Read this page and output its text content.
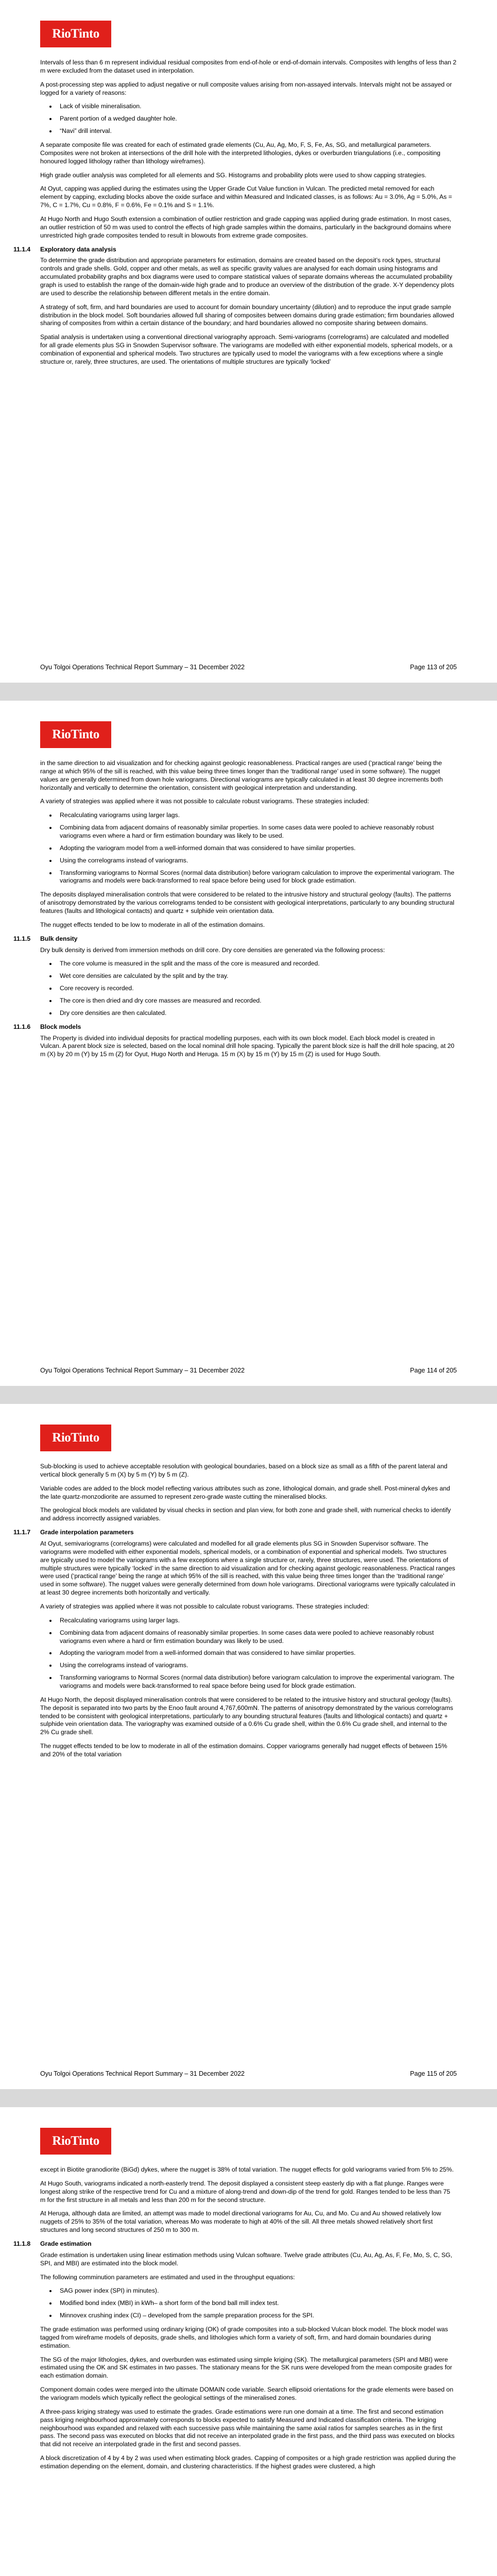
RioTinto

Intervals of less than 6 m represent individual residual composites from end-of-hole or end-of-domain intervals. Composites with lengths of less than 2 m were excluded from the dataset used in interpolation.

A post-processing step was applied to adjust negative or null composite values arising from non-assayed intervals. Intervals might not be assayed or logged for a variety of reasons:

• Lack of visible mineralisation.
• Parent portion of a wedged daughter hole.
• “Navi” drill interval.

A separate composite file was created for each of estimated grade elements (Cu, Au, Ag, Mo, F, S, Fe, As, SG, and metallurgical parameters. Composites were not broken at intersections of the drill hole with the interpreted lithologies, dykes or overburden triangulations (i.e., compositing honoured logged lithology rather than lithology wireframes).

High grade outlier analysis was completed for all elements and SG. Histograms and probability plots were used to show capping strategies.

At Oyut, capping was applied during the estimates using the Upper Grade Cut Value function in Vulcan. The predicted metal removed for each element by capping, excluding blocks above the oxide surface and within Measured and Indicated classes, is as follows: Au = 3.0%, Ag = 5.0%, As = 7%, C = 1.7%, Cu = 0.8%, F = 0.6%, Fe = 0.1% and S = 1.1%.

At Hugo North and Hugo South extension a combination of outlier restriction and grade capping was applied during grade estimation. In most cases, an outlier restriction of 50 m was used to control the effects of high grade samples within the domains, particularly in the background domains where unrestricted high grade composites tended to result in blowouts from extreme grade composites.

11.1.4	Exploratory data analysis

To determine the grade distribution and appropriate parameters for estimation, domains are created based on the deposit’s rock types, structural controls and grade shells. Gold, copper and other metals, as well as specific gravity values are analysed for each domain using histograms and accumulated probability graphs and box diagrams were used to compare statistical values of separate domains whereas the accumulated probability graph is used to establish the range of the domain-wide high grade and to produce an overview of the distribution of the grade. X-Y dependency plots are used to describe the relationship between different metals in the entire domain.

A strategy of soft, firm, and hard boundaries are used to account for domain boundary uncertainty (dilution) and to reproduce the input grade sample distribution in the block model. Soft boundaries allowed full sharing of composites between domains during grade estimation; firm boundaries allowed sharing of composites from within a certain distance of the boundary; and hard boundaries allowed no composite sharing between domains.

Spatial analysis is undertaken using a conventional directional variography approach. Semi-variograms (correlograms) are calculated and modelled for all grade elements plus SG in Snowden Supervisor software. The variograms are modelled with either exponential models, spherical models, or a combination of exponential and spherical models. Two structures are typically used to model the variograms with a few exceptions where a single structure or, rarely, three structures, are used. The orientations of multiple structures are typically ‘locked’

Oyu Tolgoi Operations Technical Report Summary – 31 December 2022	Page 113 of 205
RioTinto

in the same direction to aid visualization and for checking against geologic reasonableness. Practical ranges are used (‘practical range’ being the range at which 95% of the sill is reached, with this value being three times longer than the ‘traditional range’ used in some software). The nugget values are generally determined from down hole variograms. Directional variograms are typically calculated in at least 30 degree increments both horizontally and vertically to determine the orientation, consistent with geological interpretation and understanding.

A variety of strategies was applied where it was not possible to calculate robust variograms. These strategies included:

• Recalculating variograms using larger lags.
• Combining data from adjacent domains of reasonably similar properties. In some cases data were pooled to achieve reasonably robust variograms even where a hard or firm estimation boundary was likely to be used.
• Adopting the variogram model from a well-informed domain that was considered to have similar properties.
• Using the correlograms instead of variograms.
• Transforming variograms to Normal Scores (normal data distribution) before variogram calculation to improve the experimental variogram. The variograms and models were back-transformed to real space before being used for block grade estimation.

The deposits displayed mineralisation controls that were considered to be related to the intrusive history and structural geology (faults). The patterns of anisotropy demonstrated by the various correlograms tended to be consistent with geological interpretations, particularly to any bounding structural features (faults and lithological contacts) and quartz + sulphide vein orientation data.

The nugget effects tended to be low to moderate in all of the estimation domains.

11.1.5	Bulk density

Dry bulk density is derived from immersion methods on drill core. Dry core densities are generated via the following process:

• The core volume is measured in the split and the mass of the core is measured and recorded.
• Wet core densities are calculated by the split and by the tray.
• Core recovery is recorded.
• The core is then dried and dry core masses are measured and recorded.
• Dry core densities are then calculated.
11.1.6	Block models

The Property is divided into individual deposits for practical modelling purposes, each with its own block model. Each block model is created in Vulcan. A parent block size is selected, based on the local nominal drill hole spacing. Typically the parent block size is half the drill hole spacing, at 20 m (X) by 20 m (Y) by 15 m (Z) for Oyut, Hugo North and Heruga. 15 m (X) by 15 m (Y) by 15 m (Z) is used for Hugo South.

Oyu Tolgoi Operations Technical Report Summary – 31 December 2022	Page 114 of 205
RioTinto

Sub-blocking is used to achieve acceptable resolution with geological boundaries, based on a block size as small as a fifth of the parent lateral and vertical block generally 5 m (X) by 5 m (Y) by 5 m (Z).

Variable codes are added to the block model reflecting various attributes such as zone, lithological domain, and grade shell. Post-mineral dykes and the late quartz-monzodiorite are assumed to represent zero-grade waste cutting the mineralised blocks.

The geological block models are validated by visual checks in section and plan view, for both zone and grade shell, with numerical checks to identify and address incorrectly assigned variables.

11.1.7	Grade interpolation parameters

At Oyut, semivariograms (correlograms) were calculated and modelled for all grade elements plus SG in Snowden Supervisor software. The variograms were modelled with either exponential models, spherical models, or a combination of exponential and spherical models. Two structures are typically used to model the variograms with a few exceptions where a single structure or, rarely, three structures, were used. The orientations of multiple structures were typically ‘locked’ in the same direction to aid visualization and for checking against geologic reasonableness. Practical ranges were used (‘practical range’ being the range at which 95% of the sill is reached, with this value being three times longer than the ‘traditional range’ used in some software). The nugget values were generally determined from down hole variograms. Directional variograms were typically calculated in at least 30 degree increments both horizontally and vertically.

A variety of strategies was applied where it was not possible to calculate robust variograms. These strategies included:

• Recalculating variograms using larger lags.
• Combining data from adjacent domains of reasonably similar properties. In some cases data were pooled to achieve reasonably robust variograms even where a hard or firm estimation boundary was likely to be used.
• Adopting the variogram model from a well-informed domain that was considered to have similar properties.
• Using the correlograms instead of variograms.
• Transforming variograms to Normal Scores (normal data distribution) before variogram calculation to improve the experimental variogram. The variograms and models were back-transformed to real space before being used for block grade estimation.

At Hugo North, the deposit displayed mineralisation controls that were considered to be related to the intrusive history and structural geology (faults). The deposit is separated into two parts by the Enoo fault around 4,767,600mN. The patterns of anisotropy demonstrated by the various correlograms tended to be consistent with geological interpretations, particularly to any bounding structural features (faults and lithological contacts) and quartz + sulphide vein orientation data. The variography was examined outside of a 0.6% Cu grade shell, within the 0.6% Cu grade shell, and internal to the 2% Cu grade shell.

The nugget effects tended to be low to moderate in all of the estimation domains. Copper variograms generally had nugget effects of between 15% and 20% of the total variation

Oyu Tolgoi Operations Technical Report Summary – 31 December 2022	Page 115 of 205
RioTinto

except in Biotite granodiorite (BiGd) dykes, where the nugget is 38% of total variation. The nugget effects for gold variograms varied from 5% to 25%.

At Hugo South, variograms indicated a north-easterly trend. The deposit displayed a consistent steep easterly dip with a flat plunge. Ranges were longest along strike of the respective trend for Cu and a mixture of along-trend and down-dip of the trend for gold. Ranges tended to be less than 75 m for the first structure in all metals and less than 200 m for the second structure.

At Heruga, although data are limited, an attempt was made to model directional variograms for Au, Cu, and Mo. Cu and Au showed relatively low nuggets of 25% to 35% of the total variation, whereas Mo was moderate to high at 40% of the sill. All three metals showed relatively short first structures and long second structures of 250 m to 300 m.

11.1.8	Grade estimation

Grade estimation is undertaken using linear estimation methods using Vulcan software. Twelve grade attributes (Cu, Au, Ag, As, F, Fe, Mo, S, C, SG, SPI, and MBI) are estimated into the block model.

The following comminution parameters are estimated and used in the throughput equations:

• SAG power index (SPI) in minutes).
• Modified bond index (MBI) in kWh– a short form of the bond ball mill index test.
• Minnovex crushing index (CI) – developed from the sample preparation process for the SPI.

The grade estimation was performed using ordinary kriging (OK) of grade composites into a sub-blocked Vulcan block model. The block model was tagged from wireframe models of deposits, grade shells, and lithologies which form a variety of soft, firm, and hard domain boundaries during estimation.

The SG of the major lithologies, dykes, and overburden was estimated using simple kriging (SK). The metallurgical parameters (SPI and MBI) were estimated using the OK and SK estimates in two passes. The stationary means for the SK runs were developed from the mean composite grades for each estimation domain.

Component domain codes were merged into the ultimate DOMAIN code variable. Search ellipsoid orientations for the grade elements were based on the variogram models which typically reflect the geological settings of the mineralised zones.

A three-pass kriging strategy was used to estimate the grades. Grade estimations were run one domain at a time. The first and second estimation pass kriging neighbourhood approximately corresponds to blocks expected to satisfy Measured and Indicated classification criteria. The kriging neighbourhood was expanded and relaxed with each successive pass while maintaining the same axial ratios for samples searches as in the first pass. The second pass was executed on blocks that did not receive an interpolated grade in the first pass, and the third pass was executed on blocks that did not receive an interpolated grade in the first and second passes.

A block discretization of 4 by 4 by 2 was used when estimating block grades. Capping of composites or a high grade restriction was applied during the estimation depending on the element, domain, and clustering characteristics. If the highest grades were clustered, a high
